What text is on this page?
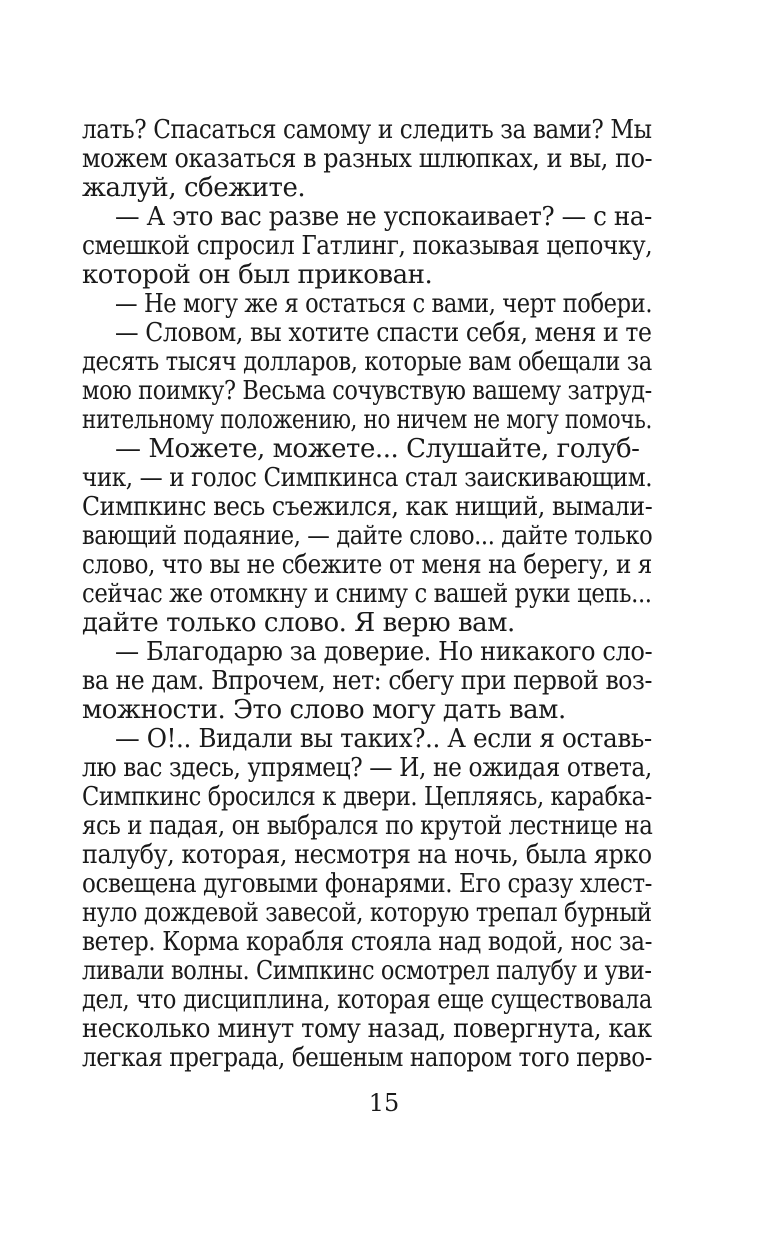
лать? Спасаться самому и следить за вами? Мы
можем оказаться в разных шлюпках, и вы, по-
жалуй, сбежите.
— А это вас разве не успокаивает? — с на-
смешкой спросил Гатлинг, показывая цепочку,
которой он был прикован.
— Не могу же я остаться с вами, черт побери.
— Словом, вы хотите спасти себя, меня и те
десять тысяч долларов, которые вам обещали за
мою поимку? Весьма сочувствую вашему затруд-
нительному положению, но ничем не могу помочь.
— Можете, можете... Слушайте, голуб-
чик, — и голос Симпкинса стал заискивающим.
Симпкинс весь съежился, как нищий, вымали-
вающий подаяние, — дайте слово... дайте только
слово, что вы не сбежите от меня на берегу, и я
сейчас же отомкну и сниму с вашей руки цепь...
дайте только слово. Я верю вам.
— Благодарю за доверие. Но никакого сло-
ва не дам. Впрочем, нет: сбегу при первой воз-
можности. Это слово могу дать вам.
— О!.. Видали вы таких?.. А если я оставь-
лю вас здесь, упрямец? — И, не ожидая ответа,
Симпкинс бросился к двери. Цепляясь, карабка-
ясь и падая, он выбрался по крутой лестнице на
палубу, которая, несмотря на ночь, была ярко
освещена дуговыми фонарями. Его сразу хлест-
нуло дождевой завесой, которую трепал бурный
ветер. Корма корабля стояла над водой, нос за-
ливали волны. Симпкинс осмотрел палубу и уви-
дел, что дисциплина, которая еще существовала
несколько минут тому назад, повергнута, как
легкая преграда, бешеным напором того перво-
15
